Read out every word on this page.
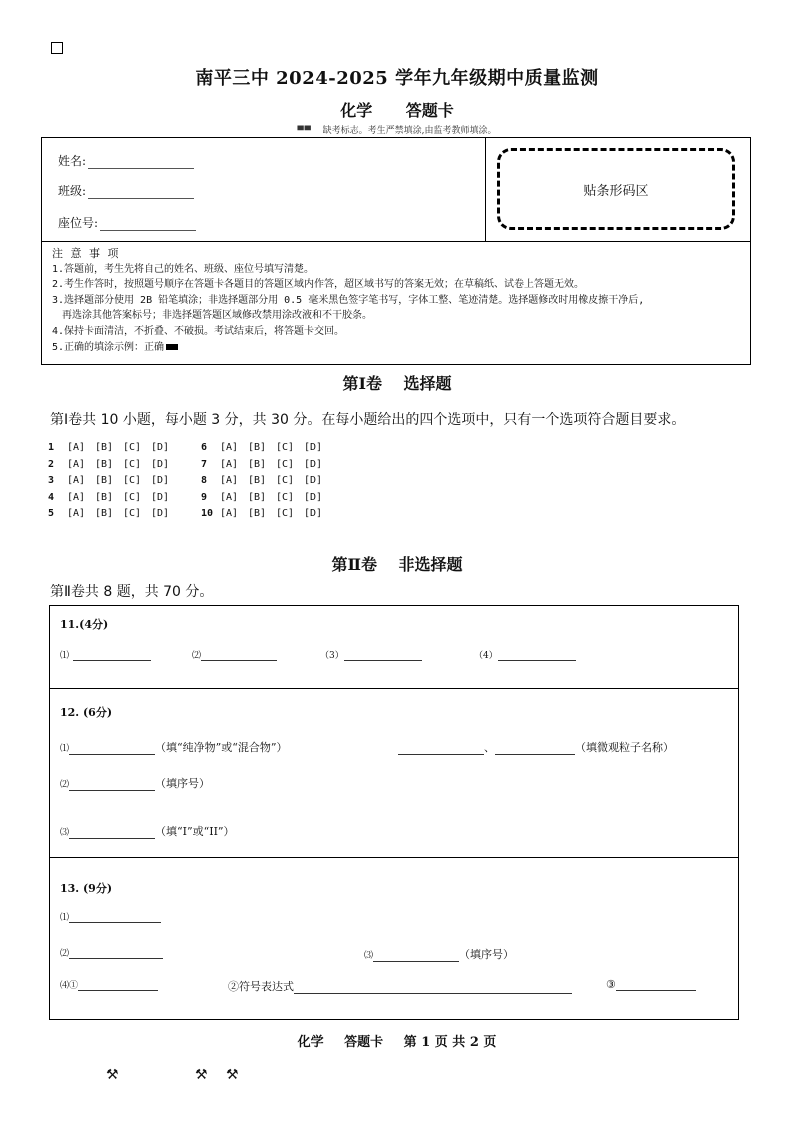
南平三中 2024-2025 学年九年级期中质量监测
化学 答题卡
▀▀ 缺考标志。考生严禁填涂,由监考教师填涂。
姓名:
班级:
座位号:
贴条形码区
注 意 事 项
1.答题前，考生先将自己的姓名、班级、座位号填写清楚。
2.考生作答时，按照题号顺序在答题卡各题目的答题区域内作答，超区域书写的答案无效；在草稿纸、试卷上答题无效。
3.选择题部分使用 2B 铅笔填涂；非选择题部分用 0.5 毫米黑色签字笔书写，字体工整、笔迹清楚。选择题修改时用橡皮擦干净后,
再选涂其他答案标号；非选择题答题区域修改禁用涂改液和不干胶条。
4.保持卡面清洁，不折叠、不破损。考试结束后，将答题卡交回。
5.正确的填涂示例：正确
第Ⅰ卷 选择题
第Ⅰ卷共 10 小题，每小题 3 分，共 30 分。在每小题给出的四个选项中，只有一个选项符合题目要求。
1 [A] [B] [C] [D]	6 [A] [B] [C] [D]
2 [A] [B] [C] [D]	7 [A] [B] [C] [D]
3 [A] [B] [C] [D]	8 [A] [B] [C] [D]
4 [A] [B] [C] [D]	9 [A] [B] [C] [D]
5 [A] [B] [C] [D]	10 [A] [B] [C] [D]
第Ⅱ卷 非选择题
第Ⅱ卷共 8 题，共 70 分。
11.(4分)
⑴	⑵	（3）	（4）
12. (6分)
⑴	（填“纯净物”或“混合物”）	、	（填微观粒子名称）
⑵	（填序号）
⑶	（填“I”或“II”）
13. (9分)
⑴
⑵	⑶	（填序号）
⑷①	②符号表达式	③
化学 答题卡 第 1 页 共 2 页
⚒	⚒ ⚒
